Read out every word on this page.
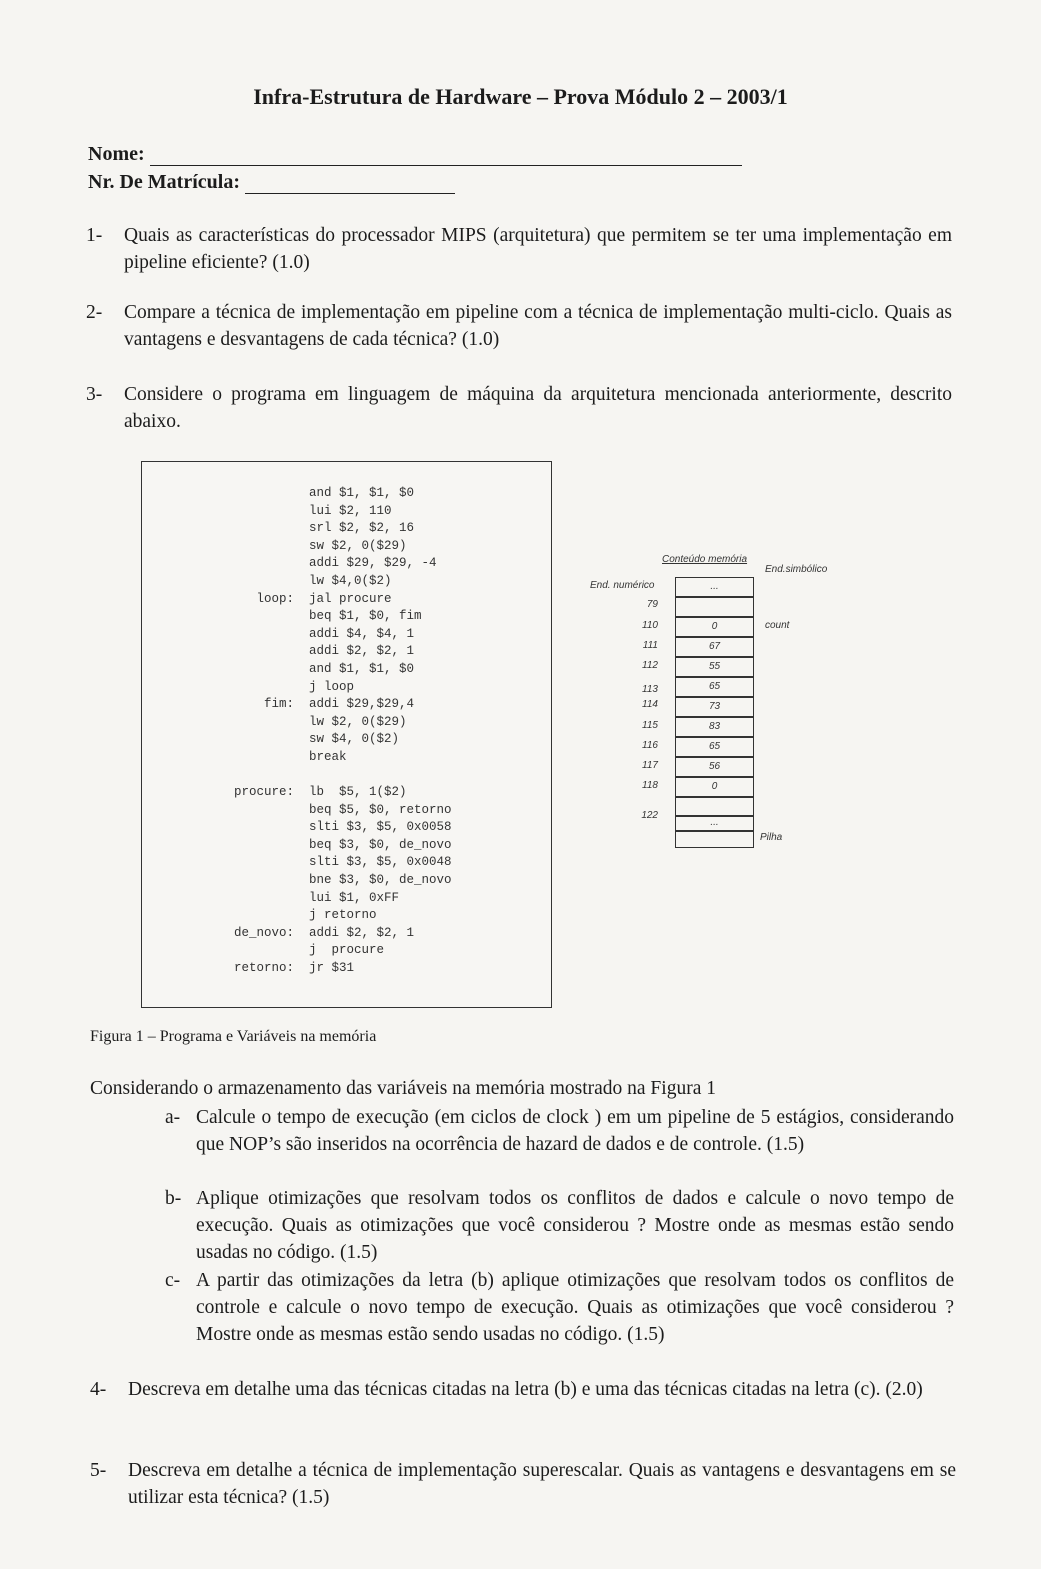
Infra-Estrutura de Hardware – Prova Módulo 2 – 2003/1
Nome:
Nr. De Matrícula:
1- Quais as características do processador MIPS (arquitetura) que permitem se ter uma implementação em pipeline eficiente? (1.0)
2- Compare a técnica de implementação em pipeline com a técnica de implementação multi-ciclo. Quais as vantagens e desvantagens de cada técnica? (1.0)
3- Considere o programa em linguagem de máquina da arquitetura mencionada anteriormente, descrito abaixo.
loop:
fim:
procure:
de_novo:
retorno:
and $1, $1, $0
lui $2, 110
srl $2, $2, 16
sw $2, 0($29)
addi $29, $29, -4
lw $4,0($2)
jal procure
beq $1, $0, fim
addi $4, $4, 1
addi $2, $2, 1
and $1, $1, $0
j loop
addi $29,$29,4
lw $2, 0($29)
sw $4, 0($2)
break
lb  $5, 1($2)
beq $5, $0, retorno
slti $3, $5, 0x0058
beq $3, $0, de_novo
slti $3, $5, 0x0048
bne $3, $0, de_novo
lui $1, 0xFF
j retorno
addi $2, $2, 1
j  procure
jr $31
Conteúdo memória
End.simbólico
End. numérico	...
0
67
55
65
73
83
65
56
0
...
79
110
111
112
113
114
115
116
117
118
122
count
Pilha
Figura 1 – Programa e Variáveis na memória
Considerando o armazenamento das variáveis na memória mostrado na Figura 1
a- Calcule o tempo de execução (em ciclos de clock ) em um pipeline de 5 estágios, considerando que NOP’s são inseridos na ocorrência de hazard de dados e de controle. (1.5)
b- Aplique otimizações que resolvam todos os conflitos de dados e calcule o novo tempo de execução. Quais as otimizações que você considerou ? Mostre onde as mesmas estão sendo usadas no código. (1.5)
c- A partir das otimizações da letra (b) aplique otimizações que resolvam todos os conflitos de controle e calcule o novo tempo de execução. Quais as otimizações que você considerou ? Mostre onde as mesmas estão sendo usadas no código. (1.5)
4- Descreva em detalhe uma das técnicas citadas na letra (b) e uma das técnicas citadas na letra (c). (2.0)
5- Descreva em detalhe a técnica de implementação superescalar. Quais as vantagens e desvantagens em se utilizar esta técnica? (1.5)
